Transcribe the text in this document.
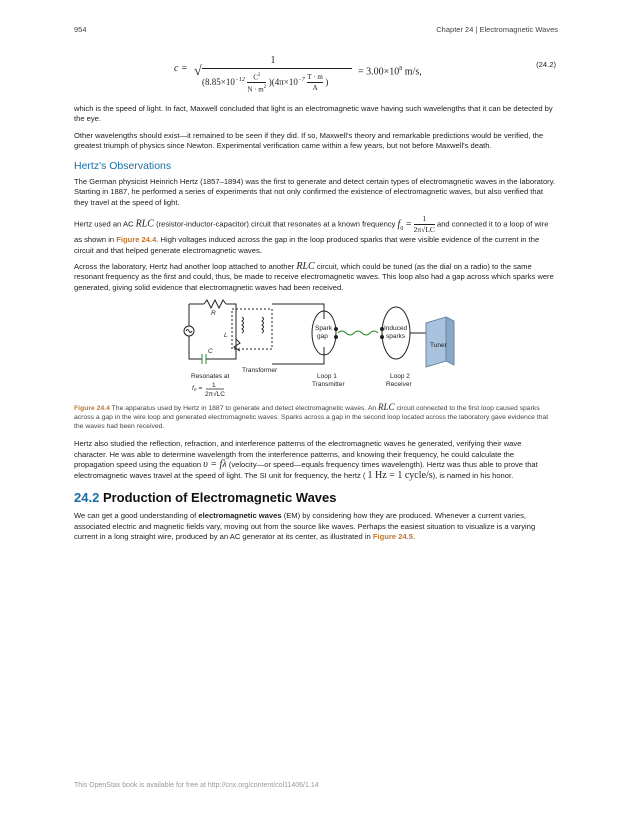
954	Chapter 24 | Electromagnetic Waves
c =
1
√
$(8.85\times 10^{-12} \frac{C^2}{N \cdot m^2} )(4\pi\times 10^{-7} \frac{T \cdot m}{A}$ )
= $3.00\times 10^8$ m/s,
(24.2)

which is the speed of light. In fact, Maxwell concluded that light is an electromagnetic wave having such wavelengths that it can be detected by the eye.

Other wavelengths should exist—it remained to be seen if they did. If so, Maxwell's theory and remarkable predictions would be verified, the greatest triumph of physics since Newton. Experimental verification came within a few years, but not before Maxwell's death.

Hertz's Observations

The German physicist Heinrich Hertz (1857–1894) was the first to generate and detect certain types of electromagnetic waves in the laboratory. Starting in 1887, he performed a series of experiments that not only confirmed the existence of electromagnetic waves, but also verified that they travel at the speed of light.

Hertz used an AC RLC (resistor-inductor-capacitor) circuit that resonates at a known frequency $f_0 = \frac{1}{2\pi√LC}$ and connected it to a loop of wire as shown in Figure 24.4. High voltages induced across the gap in the loop produced sparks that were visible evidence of the current in the circuit and that helped generate electromagnetic waves.

Across the laboratory, Hertz had another loop attached to another RLC circuit, which could be tuned (as the dial on a radio) to the same resonant frequency as the first and could, thus, be made to receive electromagnetic waves. This loop also had a gap across which sparks were generated, giving solid evidence that electromagnetic waves had been received.

R
L
C
Spark
gap
Induced
sparks
Tuner
Transformer
Resonates at
f₀ = 1
2π√LC
Loop 1
Transmitter
Loop 2
Receiver
Figure 24.4 The apparatus used by Hertz in 1887 to generate and detect electromagnetic waves. An RLC circuit connected to the first loop caused sparks across a gap in the wire loop and generated electromagnetic waves. Sparks across a gap in the second loop located across the laboratory gave evidence that the waves had been received.

Hertz also studied the reflection, refraction, and interference patterns of the electromagnetic waves he generated, verifying their wave character. He was able to determine wavelength from the interference patterns, and knowing their frequency, he could calculate the propagation speed using the equation υ = fλ (velocity—or speed—equals frequency times wavelength). Hertz was thus able to prove that electromagnetic waves travel at the speed of light. The SI unit for frequency, the hertz ( 1 Hz = 1 cycle/s), is named in his honor.

24.2 Production of Electromagnetic Waves

We can get a good understanding of electromagnetic waves (EM) by considering how they are produced. Whenever a current varies, associated electric and magnetic fields vary, moving out from the source like waves. Perhaps the easiest situation to visualize is a varying current in a long straight wire, produced by an AC generator at its center, as illustrated in Figure 24.5.

This OpenStax book is available for free at http://cnx.org/content/col11406/1.14
